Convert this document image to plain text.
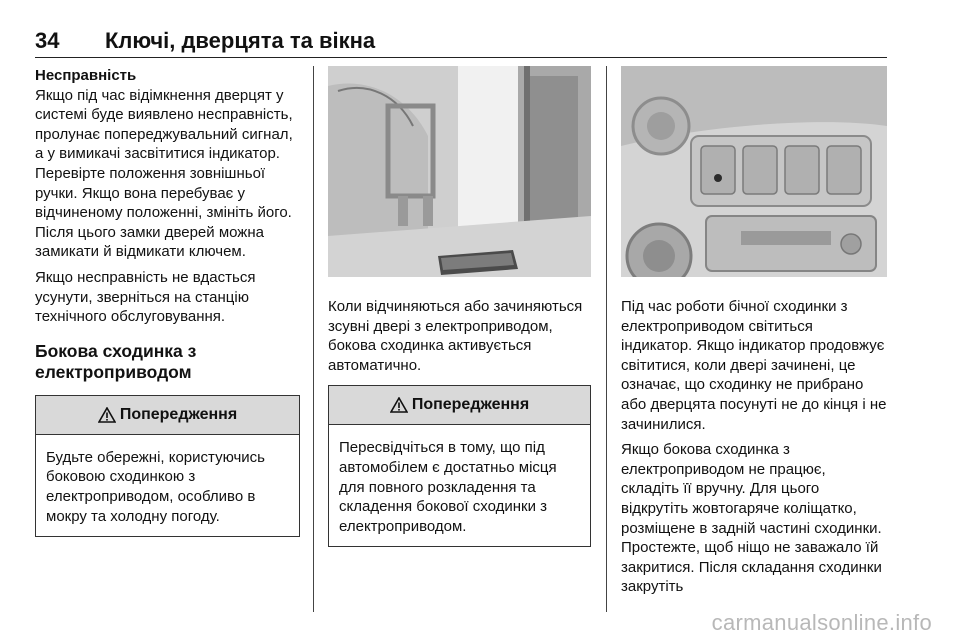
34 Ключі, дверцята та вікна
Несправність

Якщо під час відімкнення дверцят у системі буде виявлено несправність, пролунає попереджувальний сигнал, а у вимикачі засвітитися індикатор. Перевірте положення зовнішньої ручки. Якщо вона перебуває у відчиненому положенні, змініть його. Після цього замки дверей можна замикати й відмикати ключем.

Якщо несправність не вдасться усунути, зверніться на станцію технічного обслуговування.

Бокова сходинка з електроприводом
Попередження
Будьте обережні, користуючись боковою сходинкою з електроприводом, особливо в мокру та холодну погоду.

Коли відчиняються або зачиняються зсувні двері з електроприводом, бокова сходинка активується автоматично.

Попередження
Пересвідчіться в тому, що під автомобілем є достатньо місця для повного розкладення та складення бокової сходинки з електроприводом.

Під час роботи бічної сходинки з електроприводом світиться індикатор. Якщо індикатор продовжує світитися, коли двері зачинені, це означає, що сходинку не прибрано або дверцята посунуті не до кінця і не зачинилися.

Якщо бокова сходинка з електроприводом не працює, складіть її вручну. Для цього відкрутіть жовтогаряче коліщатко, розміщене в задній частині сходинки. Простежте, щоб ніщо не заважало їй закритися. Після складання сходинки закрутіть

carmanualsonline.info
